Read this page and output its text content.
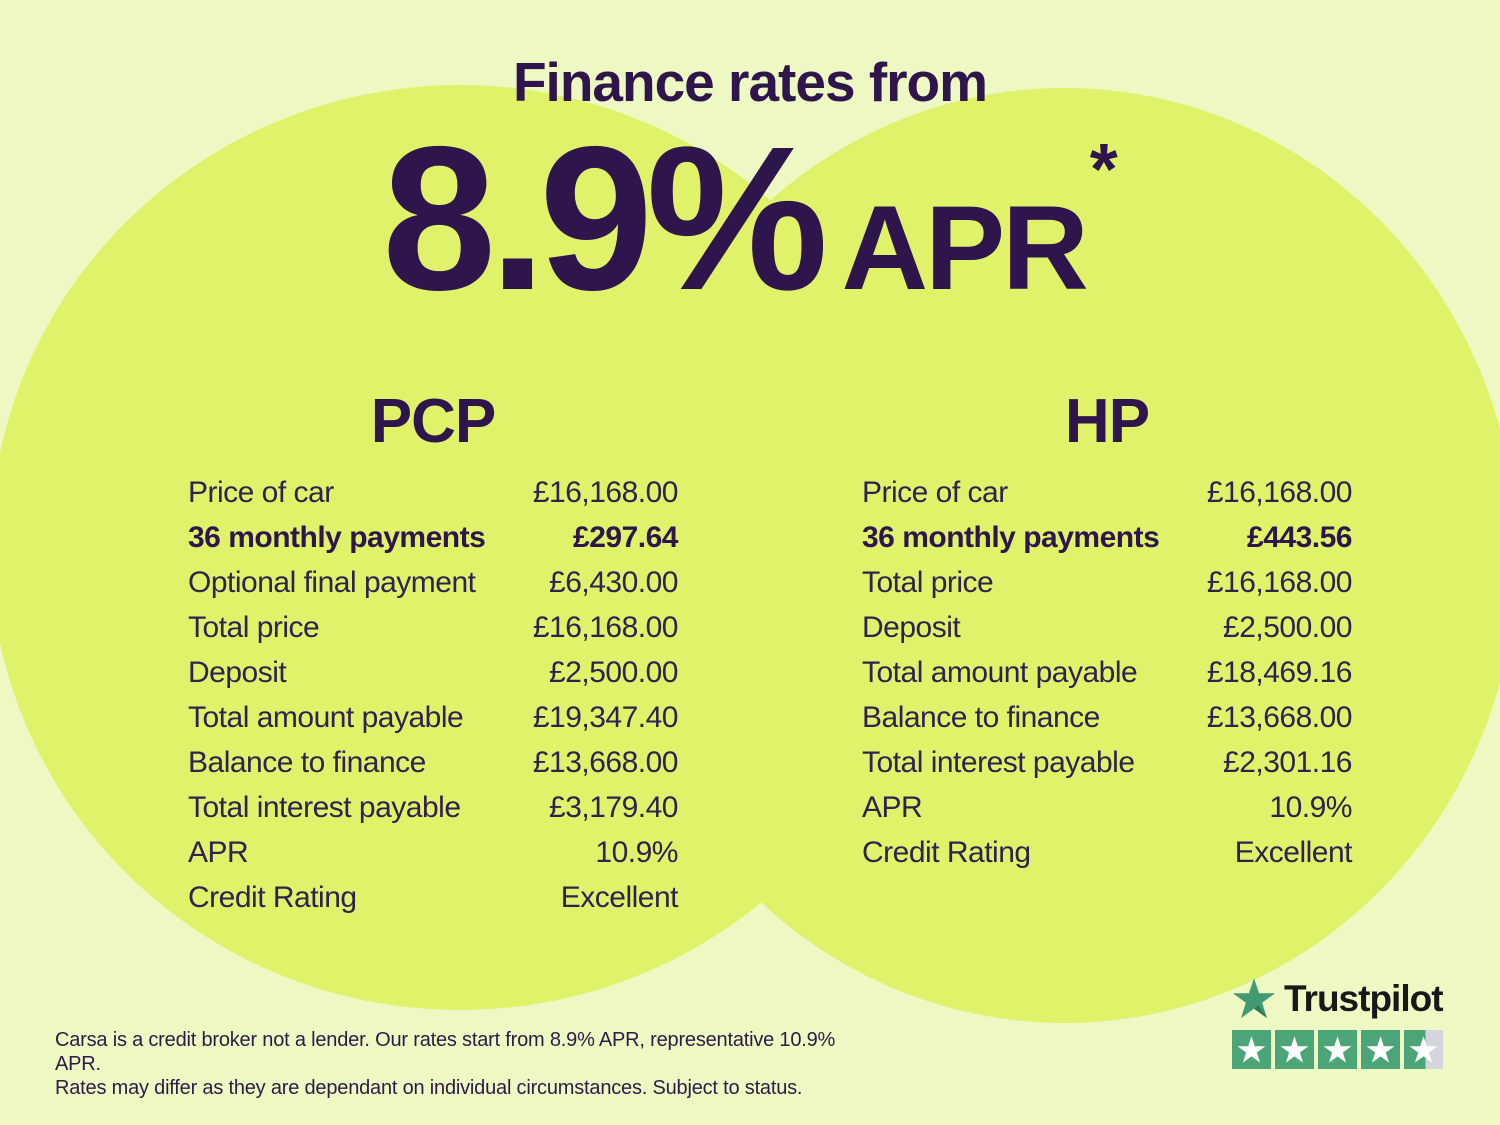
Finance rates from
8.9% APR*
PCP	HP
Price of car	£16,168.00
36 monthly payments	£297.64
Optional final payment £6,430.00
Total price	£16,168.00
Deposit	£2,500.00
Total amount payable £19,347.40
Balance to finance	£13,668.00
Total interest payable	£3,179.40
APR	10.9%
Credit Rating	Excellent
Price of car	£16,168.00
36 monthly payments	£443.56
Total price	£16,168.00
Deposit	£2,500.00
Total amount payable £18,469.16
Balance to finance	£13,668.00
Total interest payable	£2,301.16
APR	10.9%
Credit Rating	Excellent
Carsa is a credit broker not a lender. Our rates start from 8.9% APR, representative 10.9% APR.
Rates may differ as they are dependant on individual circumstances. Subject to status.
Trustpilot
